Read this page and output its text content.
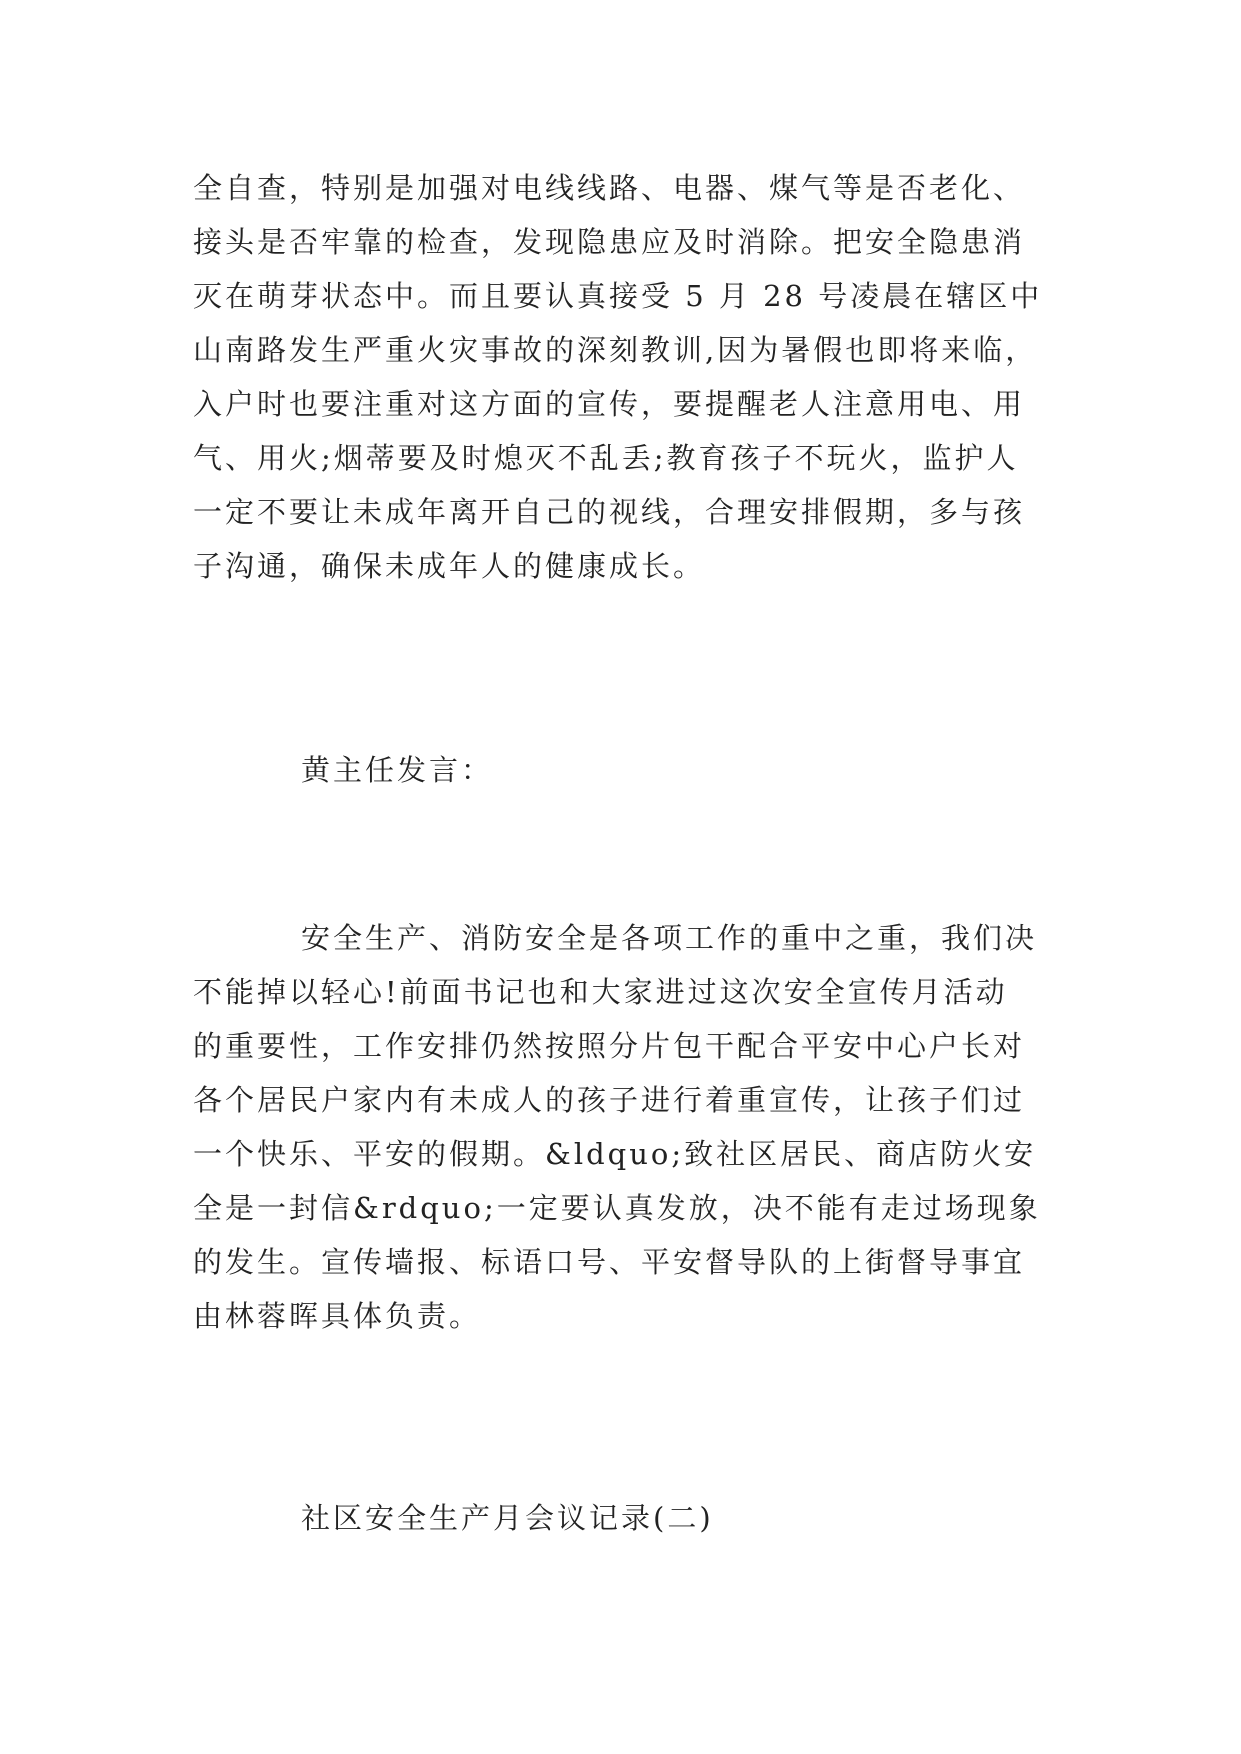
全自查，特别是加强对电线线路、电器、煤气等是否老化、
接头是否牢靠的检查，发现隐患应及时消除。把安全隐患消
灭在萌芽状态中。而且要认真接受 5 月 28 号凌晨在辖区中
山南路发生严重火灾事故的深刻教训,因为暑假也即将来临，
入户时也要注重对这方面的宣传，要提醒老人注意用电、用
气、用火;烟蒂要及时熄灭不乱丢;教育孩子不玩火，监护人
一定不要让未成年离开自己的视线，合理安排假期，多与孩
子沟通，确保未成年人的健康成长。
黄主任发言：
安全生产、消防安全是各项工作的重中之重，我们决
不能掉以轻心!前面书记也和大家进过这次安全宣传月活动
的重要性，工作安排仍然按照分片包干配合平安中心户长对
各个居民户家内有未成人的孩子进行着重宣传，让孩子们过
一个快乐、平安的假期。&ldquo;致社区居民、商店防火安
全是一封信&rdquo;一定要认真发放，决不能有走过场现象
的发生。宣传墙报、标语口号、平安督导队的上街督导事宜
由林蓉晖具体负责。
社区安全生产月会议记录(二)
